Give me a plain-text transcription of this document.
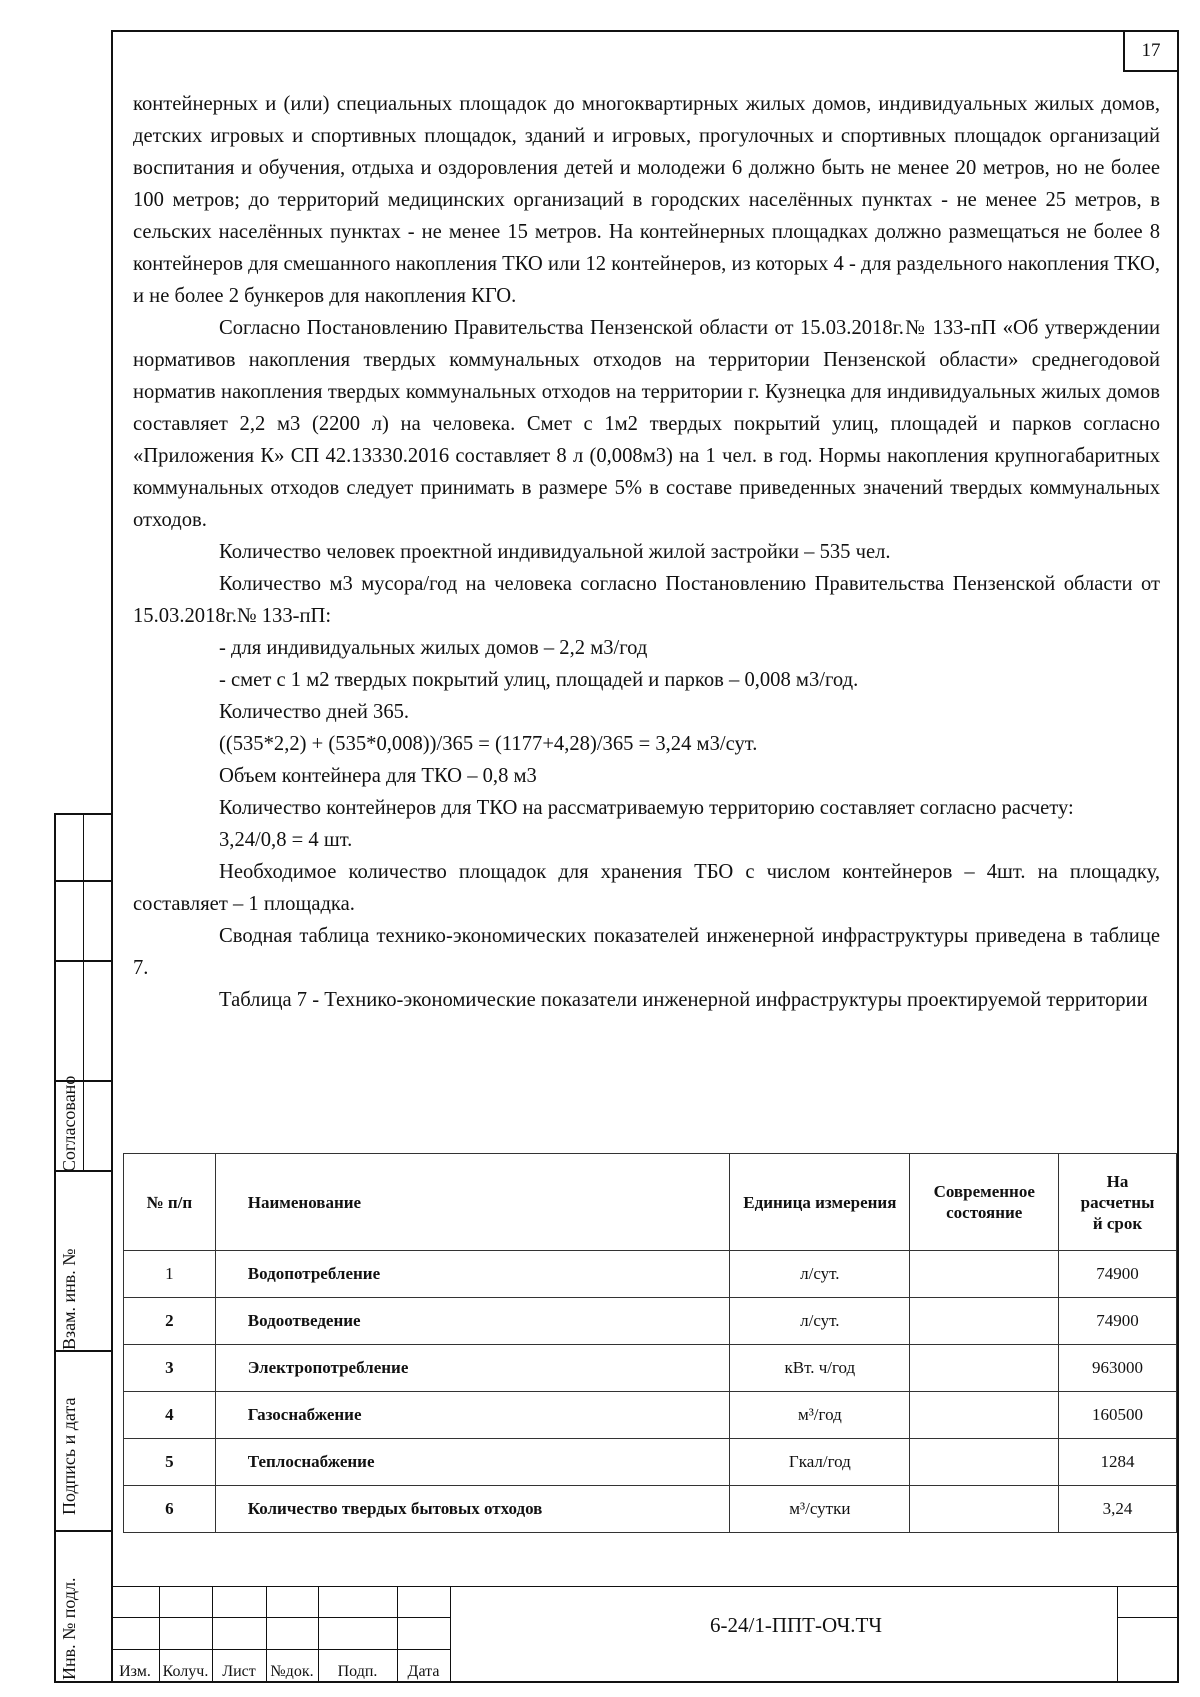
17

контейнерных и (или) специальных площадок до многоквартирных жилых домов, индивидуальных жилых домов, детских игровых и спортивных площадок, зданий и игровых, прогулочных и спортивных площадок организаций воспитания и обучения, отдыха и оздоровления детей и молодежи 6 должно быть не менее 20 метров, но не более 100 метров; до территорий медицинских организаций в городских населённых пунктах - не менее 25 метров, в сельских населённых пунктах - не менее 15 метров. На контейнерных площадках должно размещаться не более 8 контейнеров для смешанного накопления ТКО или 12 контейнеров, из которых 4 - для раздельного накопления ТКО, и не более 2 бункеров для накопления КГО.

Согласно Постановлению Правительства Пензенской области от 15.03.2018г.№ 133-пП «Об утверждении нормативов накопления твердых коммунальных отходов на территории Пензенской области» среднегодовой норматив накопления твердых коммунальных отходов на территории г. Кузнецка для индивидуальных жилых домов составляет 2,2 м3 (2200 л) на человека. Смет с 1м2 твердых покрытий улиц, площадей и парков согласно «Приложения К» СП 42.13330.2016 составляет 8 л (0,008м3) на 1 чел. в год. Нормы накопления крупногабаритных коммунальных отходов следует принимать в размере 5% в составе приведенных значений твердых коммунальных отходов.

Количество человек проектной индивидуальной жилой застройки – 535 чел.

Количество м3 мусора/год на человека согласно Постановлению Правительства Пензенской области от 15.03.2018г.№ 133-пП:

- для индивидуальных жилых домов – 2,2 м3/год

- смет с 1 м2 твердых покрытий улиц, площадей и парков – 0,008 м3/год.

Количество дней 365.

((535*2,2) + (535*0,008))/365 = (1177+4,28)/365 = 3,24 м3/сут.

Объем контейнера для ТКО – 0,8 м3

Количество контейнеров для ТКО на рассматриваемую территорию составляет согласно расчету:

3,24/0,8 = 4 шт.

Необходимое количество площадок для хранения ТБО с числом контейнеров – 4шт. на площадку, составляет – 1 площадка.

Сводная таблица технико-экономических показателей инженерной инфраструктуры приведена в таблице 7.

Таблица 7 - Технико-экономические показатели инженерной инфраструктуры проектируемой территории

№ п/п	Наименование	Единица измерения	Современное состояние	На
расчетны
й срок

1	Водопотребление	л/сут.		74900
2	Водоотведение	л/сут.		74900
3	Электропотребление	кВт. ч/год		963000
4	Газоснабжение	м³/год		160500
5	Теплоснабжение	Гкал/год		1284
6	Количество твердых бытовых отходов	м³/сутки		3,24
Согласовано
Взам. инв. №
Подпись и дата
Инв. № подл.	Изм. Колуч. Лист №док.	Подп.	Дата
6-24/1-ППТ-ОЧ.ТЧ
